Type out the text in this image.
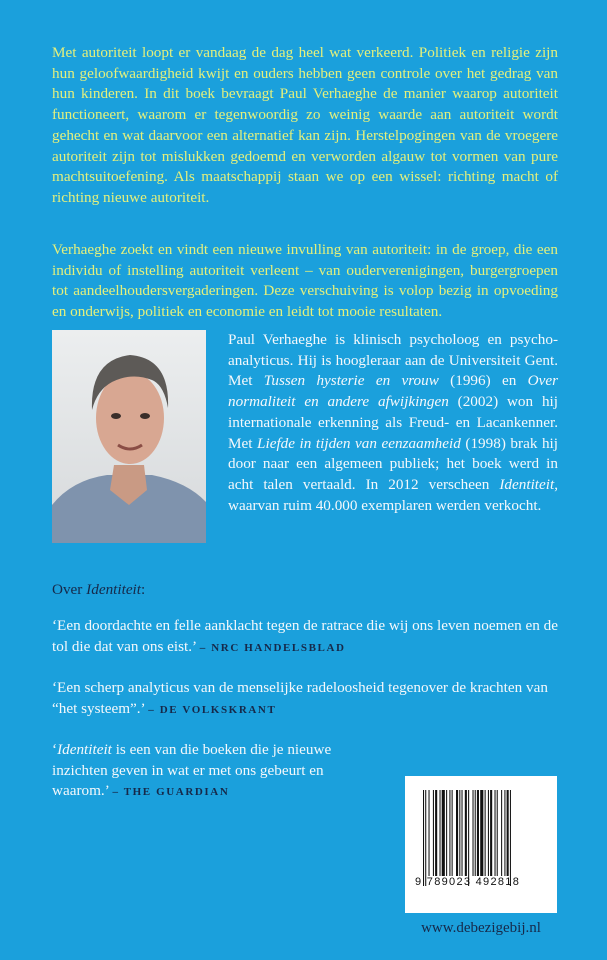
Met autoriteit loopt er vandaag de dag heel wat verkeerd. Politiek en religie zijn hun geloofwaardigheid kwijt en ouders hebben geen controle over het gedrag van hun kinderen. In dit boek bevraagt Paul Verhaeghe de manier waarop autoriteit functioneert, waarom er tegenwoordig zo weinig waarde aan autoriteit wordt gehecht en wat daarvoor een alternatief kan zijn. Herstelpogingen van de vroegere autoriteit zijn tot mislukken gedoemd en verworden algauw tot vormen van pure machtsuitoefening. Als maatschappij staan we op een wissel: richting macht of richting nieuwe autoriteit.

Verhaeghe zoekt en vindt een nieuwe invulling van autoriteit: in de groep, die een individu of instelling autoriteit verleent – van ouderverenigingen, burgergroepen tot aandeelhoudersvergaderingen. Deze verschuiving is volop bezig in opvoeding en onderwijs, politiek en economie en leidt tot mooie resultaten.

Paul Verhaeghe is klinisch psycholoog en psychoanalyticus. Hij is hoogleraar aan de Universiteit Gent. Met Tussen hysterie en vrouw (1996) en Over normaliteit en andere afwijkingen (2002) won hij internationale erkenning als Freud- en Lacankenner. Met Liefde in tijden van eenzaamheid (1998) brak hij door naar een algemeen publiek; het boek werd in acht talen vertaald. In 2012 verscheen Identiteit, waarvan ruim 40.000 exemplaren werden verkocht.

Over Identiteit:

‘Een doordachte en felle aanklacht tegen de ratrace die wij ons leven noemen en de tol die dat van ons eist.’ – NRC HANDELSBLAD

‘Een scherp analyticus van de menselijke radeloosheid tegenover de krachten van “het systeem”.’ – DE VOLKSKRANT

‘Identiteit is een van die boeken die je nieuwe inzichten geven in wat er met ons gebeurt en waarom.’ – THE GUARDIAN

9 789023 492818
www.debezigebij.nl
